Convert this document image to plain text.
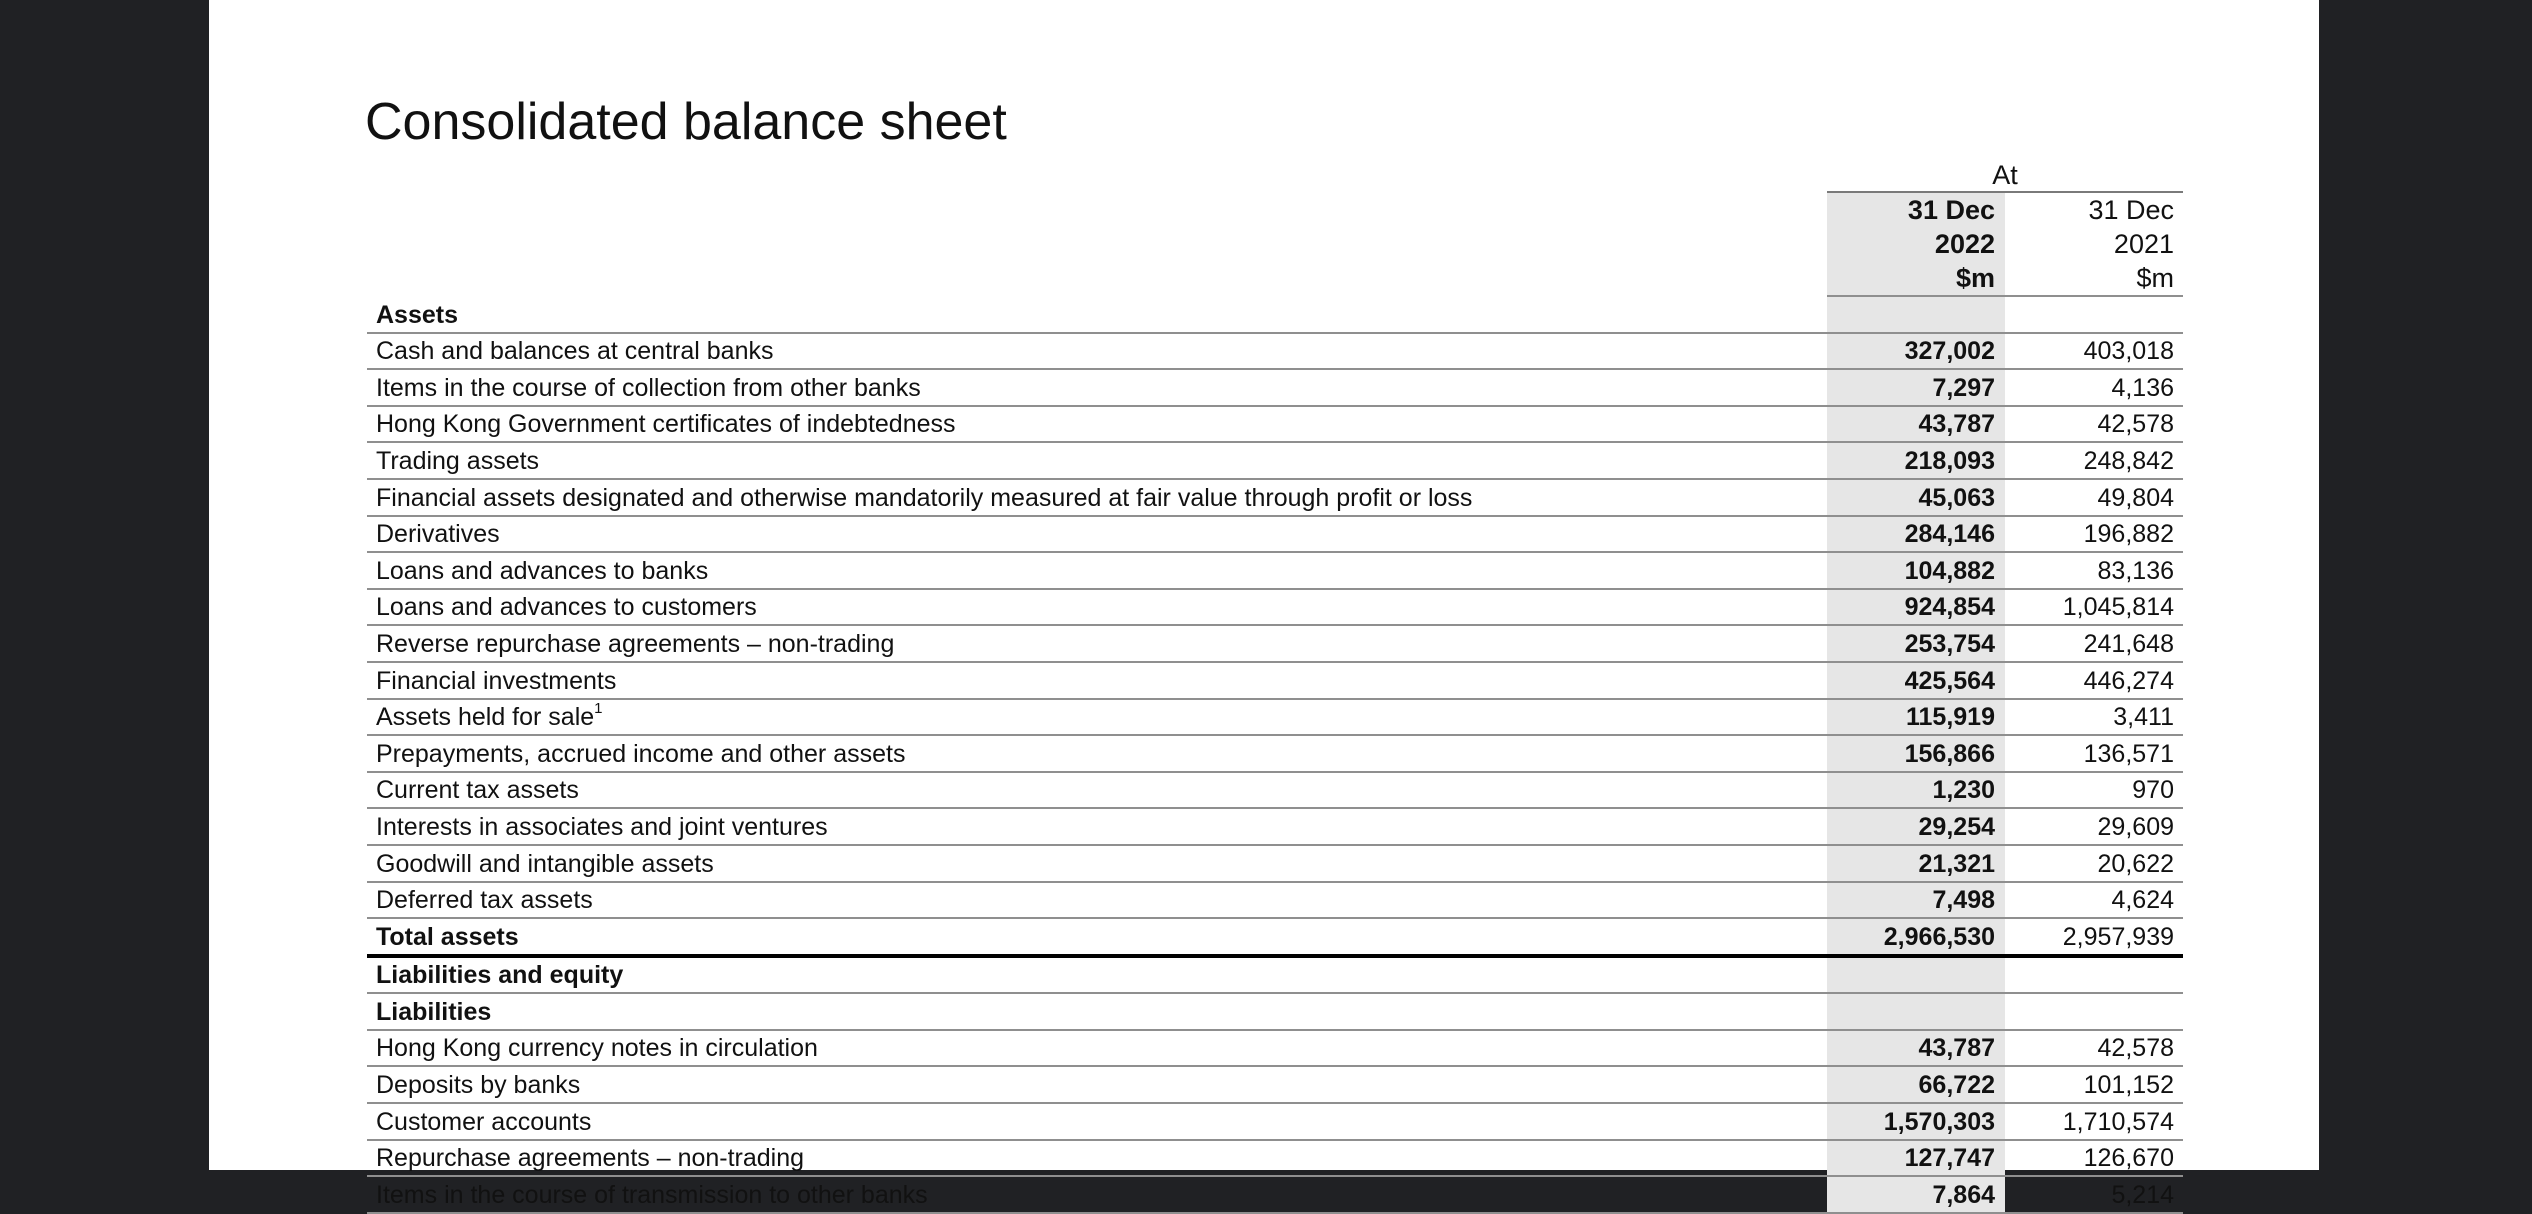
Consolidated balance sheet
At
	31 Dec	31 Dec
	2022	2021
	$m	$m
Assets		
Cash and balances at central banks	327,002	403,018
Items in the course of collection from other banks	7,297	4,136
Hong Kong Government certificates of indebtedness	43,787	42,578
Trading assets	218,093	248,842
Financial assets designated and otherwise mandatorily measured at fair value through profit or loss	45,063	49,804
Derivatives	284,146	196,882
Loans and advances to banks	104,882	83,136
Loans and advances to customers	924,854	1,045,814
Reverse repurchase agreements – non-trading	253,754	241,648
Financial investments	425,564	446,274
Assets held for sale$^1$	115,919	3,411
Prepayments, accrued income and other assets	156,866	136,571
Current tax assets	1,230	970
Interests in associates and joint ventures	29,254	29,609
Goodwill and intangible assets	21,321	20,622
Deferred tax assets	7,498	4,624
Total assets	2,966,530	2,957,939
Liabilities and equity		
Liabilities		
Hong Kong currency notes in circulation	43,787	42,578
Deposits by banks	66,722	101,152
Customer accounts	1,570,303	1,710,574
Repurchase agreements – non-trading	127,747	126,670
Items in the course of transmission to other banks	7,864	5,214
